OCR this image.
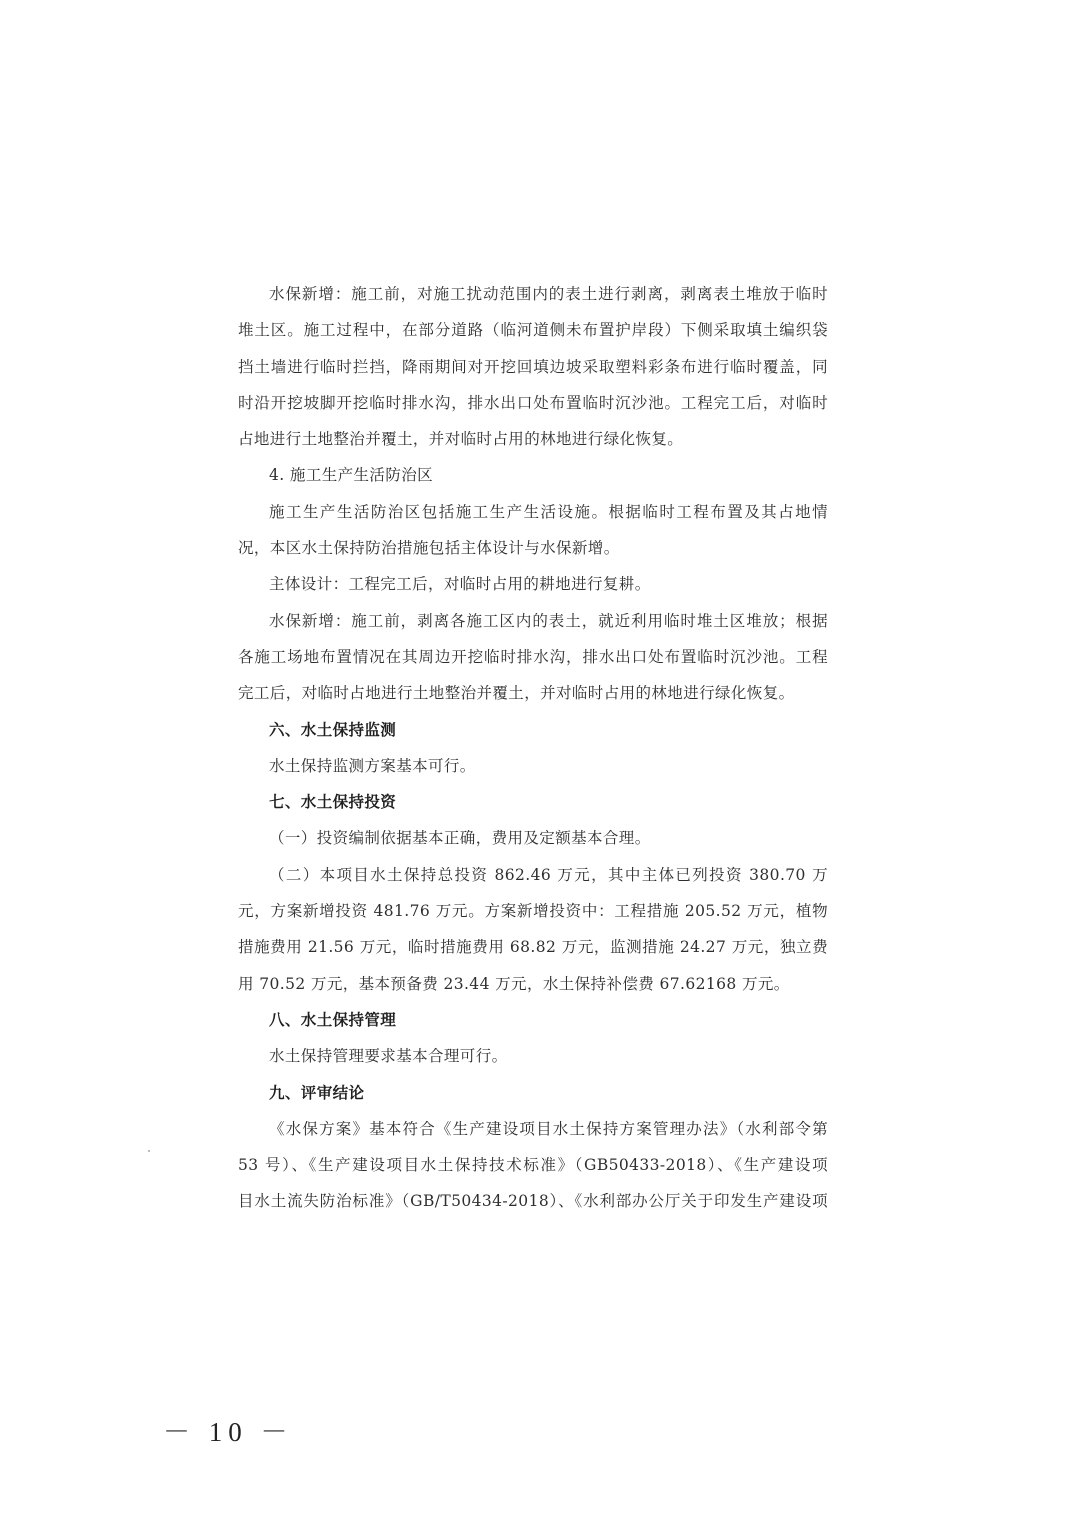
水保新增：施工前，对施工扰动范围内的表土进行剥离，剥离表土堆放于临时
堆土区。施工过程中，在部分道路（临河道侧未布置护岸段）下侧采取填土编织袋
挡土墙进行临时拦挡，降雨期间对开挖回填边坡采取塑料彩条布进行临时覆盖，同
时沿开挖坡脚开挖临时排水沟，排水出口处布置临时沉沙池。工程完工后，对临时
占地进行土地整治并覆土，并对临时占用的林地进行绿化恢复。
4. 施工生产生活防治区
施工生产生活防治区包括施工生产生活设施。根据临时工程布置及其占地情
况，本区水土保持防治措施包括主体设计与水保新增。
主体设计：工程完工后，对临时占用的耕地进行复耕。
水保新增：施工前，剥离各施工区内的表土，就近利用临时堆土区堆放；根据
各施工场地布置情况在其周边开挖临时排水沟，排水出口处布置临时沉沙池。工程
完工后，对临时占地进行土地整治并覆土，并对临时占用的林地进行绿化恢复。
六、水土保持监测
水土保持监测方案基本可行。
七、水土保持投资
（一）投资编制依据基本正确，费用及定额基本合理。
（二）本项目水土保持总投资 862.46 万元，其中主体已列投资 380.70 万
元，方案新增投资 481.76 万元。方案新增投资中：工程措施 205.52 万元，植物
措施费用 21.56 万元，临时措施费用 68.82 万元，监测措施 24.27 万元，独立费
用 70.52 万元，基本预备费 23.44 万元，水土保持补偿费 67.62168 万元。
八、水土保持管理
水土保持管理要求基本合理可行。
九、评审结论
《水保方案》基本符合《生产建设项目水土保持方案管理办法》（水利部令第
53 号）、《生产建设项目水土保持技术标准》（GB50433-2018）、《生产建设项
目水土流失防治标准》（GB/T50434-2018）、《水利部办公厅关于印发生产建设项
－ 10 －
